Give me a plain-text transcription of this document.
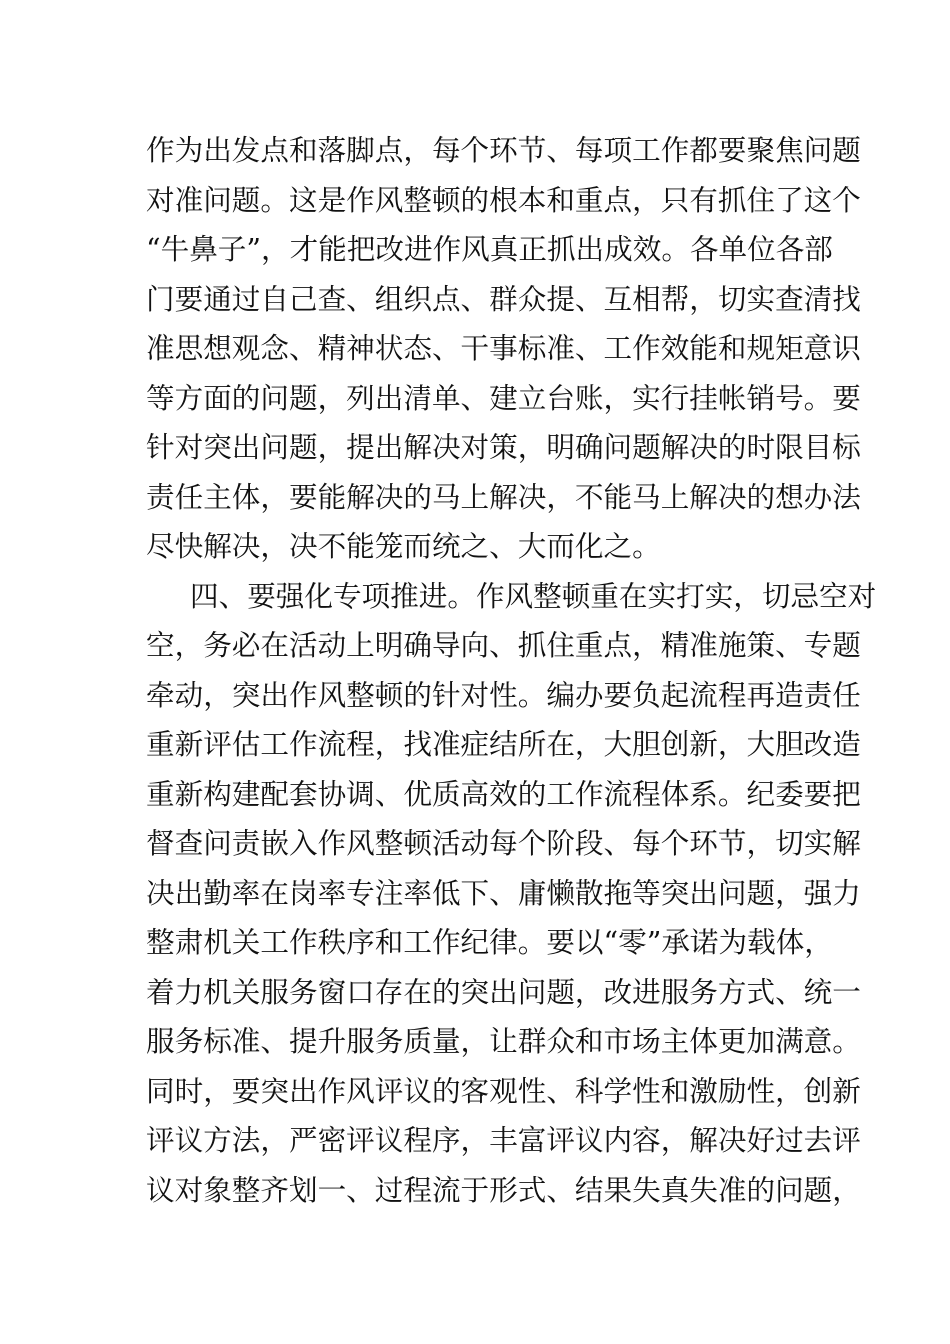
作为出发点和落脚点，每个环节、每项工作都要聚焦问题
对准问题。这是作风整顿的根本和重点，只有抓住了这个
“牛鼻子”，才能把改进作风真正抓出成效。各单位各部
门要通过自己查、组织点、群众提、互相帮，切实查清找
准思想观念、精神状态、干事标准、工作效能和规矩意识
等方面的问题，列出清单、建立台账，实行挂帐销号。要
针对突出问题，提出解决对策，明确问题解决的时限目标
责任主体，要能解决的马上解决，不能马上解决的想办法
尽快解决，决不能笼而统之、大而化之。
四、要强化专项推进。作风整顿重在实打实，切忌空对
空，务必在活动上明确导向、抓住重点，精准施策、专题
牵动，突出作风整顿的针对性。编办要负起流程再造责任
重新评估工作流程，找准症结所在，大胆创新，大胆改造
重新构建配套协调、优质高效的工作流程体系。纪委要把
督查问责嵌入作风整顿活动每个阶段、每个环节，切实解
决出勤率在岗率专注率低下、庸懒散拖等突出问题，强力
整肃机关工作秩序和工作纪律。要以“零”承诺为载体，
着力机关服务窗口存在的突出问题，改进服务方式、统一
服务标准、提升服务质量，让群众和市场主体更加满意。
同时，要突出作风评议的客观性、科学性和激励性，创新
评议方法，严密评议程序，丰富评议内容，解决好过去评
议对象整齐划一、过程流于形式、结果失真失准的问题，
